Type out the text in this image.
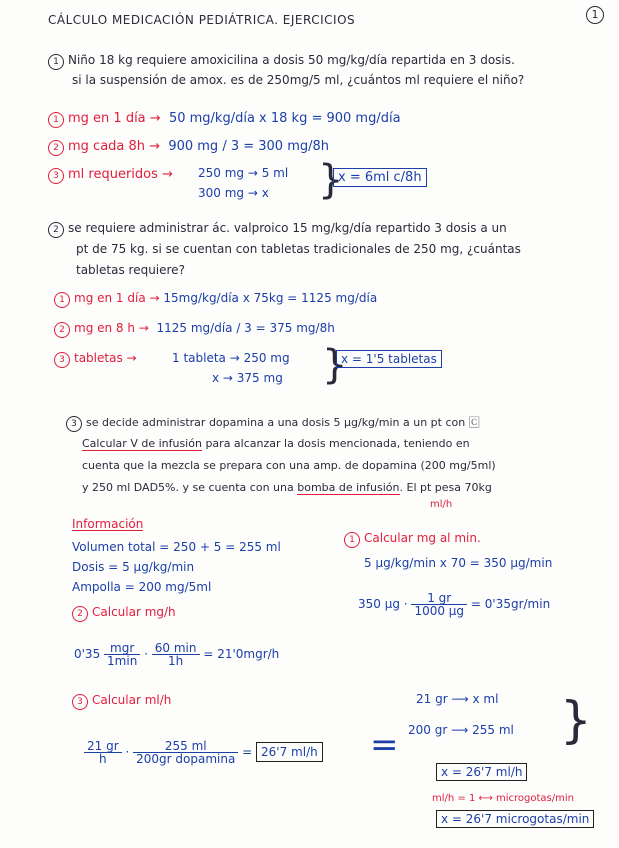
CÁLCULO MEDICACIÓN PEDIÁTRICA. EJERCICIOS	1
1 Niño 18 kg requiere amoxicilina a dosis 50 mg/kg/día repartida en 3 dosis.
si la suspensión de amox. es de 250mg/5 ml, ¿cuántos ml requiere el niño?
1 mg en 1 día → 50 mg/kg/día x 18 kg = 900 mg/día
2 mg cada 8h → 900 mg / 3 = 300 mg/8h
3 ml requeridos → 250 mg → 5 ml
300 mg → x }
x = 6ml c/8h
2 se requiere administrar ác. valproico 15 mg/kg/día repartido 3 dosis a un
pt de 75 kg. si se cuentan con tabletas tradicionales de 250 mg, ¿cuántas
tabletas requiere?
1 mg en 1 día → 15mg/kg/día x 75kg = 1125 mg/día
2 mg en 8 h → 1125 mg/día / 3 = 375 mg/8h
3 tabletas →	1 tableta → 250 mg
x → 375 mg }
x = 1'5 tabletas
3 se decide administrar dopamina a una dosis 5 µg/kg/min a un pt con 🄲
Calcular V de infusión para alcanzar la dosis mencionada, teniendo en
cuenta que la mezcla se prepara con una amp. de dopamina (200 mg/5ml)
y 250 ml DAD5%. y se cuenta con una bomba de infusión. El pt pesa 70kg
ml/h
Información
Volumen total = 250 + 5 = 255 ml
Dosis = 5 µg/kg/min
Ampolla = 200 mg/5ml
1 Calcular mg al min.
5 µg/kg/min x 70 = 350 µg/min
350 $\mu g \cdot \frac{1 gr}{\text{1000 µg}} = 0'35gr/\min$
2 Calcular mg/h
$0'35 \frac{\text{mgr}}{1\min} \cdot \frac{60 \min}{1h} = 21'0mgr/h$
3 Calcular ml/h
$\frac{21 gr}{h} \cdot \frac{255 ml}{\text{200gr dopamina}} = 26'7$ ml/h =
21 gr ⟶ x ml
200 gr ⟶ 255 ml }
x = 26'7 ml/h
ml/h = 1 ⟷ microgotas/min
x = 26'7 microgotas/min
